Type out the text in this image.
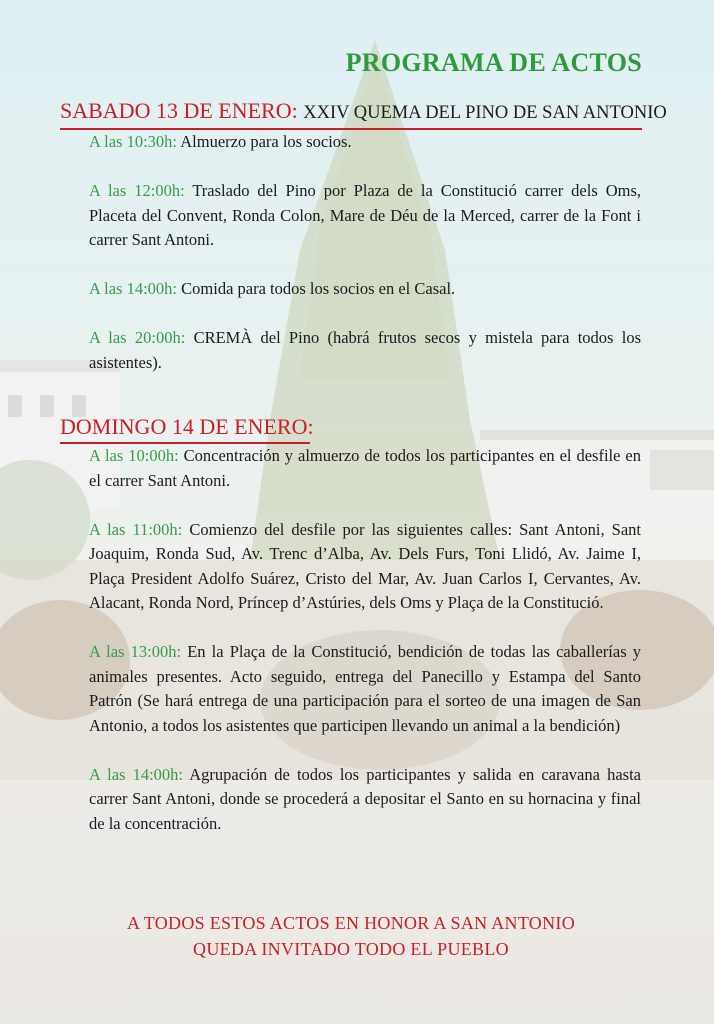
PROGRAMA DE ACTOS
SABADO 13 DE ENERO: XXIV QUEMA DEL PINO DE SAN ANTONIO

A las 10:30h: Almuerzo para los socios.

A las 12:00h: Traslado del Pino por Plaza de la Constitució carrer dels Oms, Placeta del Convent, Ronda Colon, Mare de Déu de la Merced, carrer de la Font i carrer Sant Antoni.

A las 14:00h: Comida para todos los socios en el Casal.

A las 20:00h: CREMÀ del Pino (habrá frutos secos y mistela para todos los asistentes).

DOMINGO 14 DE ENERO:

A las 10:00h: Concentración y almuerzo de todos los participantes en el desfile en el carrer Sant Antoni.

A las 11:00h: Comienzo del desfile por las siguientes calles: Sant Antoni, Sant Joaquim, Ronda Sud, Av. Trenc d’Alba, Av. Dels Furs, Toni Llidó, Av. Jaime I, Plaça President Adolfo Suárez, Cristo del Mar, Av. Juan Carlos I, Cervantes, Av. Alacant, Ronda Nord, Príncep d’Astúries, dels Oms y Plaça de la Constitució.

A las 13:00h: En la Plaça de la Constitució, bendición de todas las caballerías y animales presentes. Acto seguido, entrega del Panecillo y Estampa del Santo Patrón (Se hará entrega de una participación para el sorteo de una imagen de San Antonio, a todos los asistentes que participen llevando un animal a la bendición)

A las 14:00h: Agrupación de todos los participantes y salida en caravana hasta carrer Sant Antoni, donde se procederá a depositar el Santo en su hornacina y final de la concentración.

A TODOS ESTOS ACTOS EN HONOR A SAN ANTONIO
QUEDA INVITADO TODO EL PUEBLO
